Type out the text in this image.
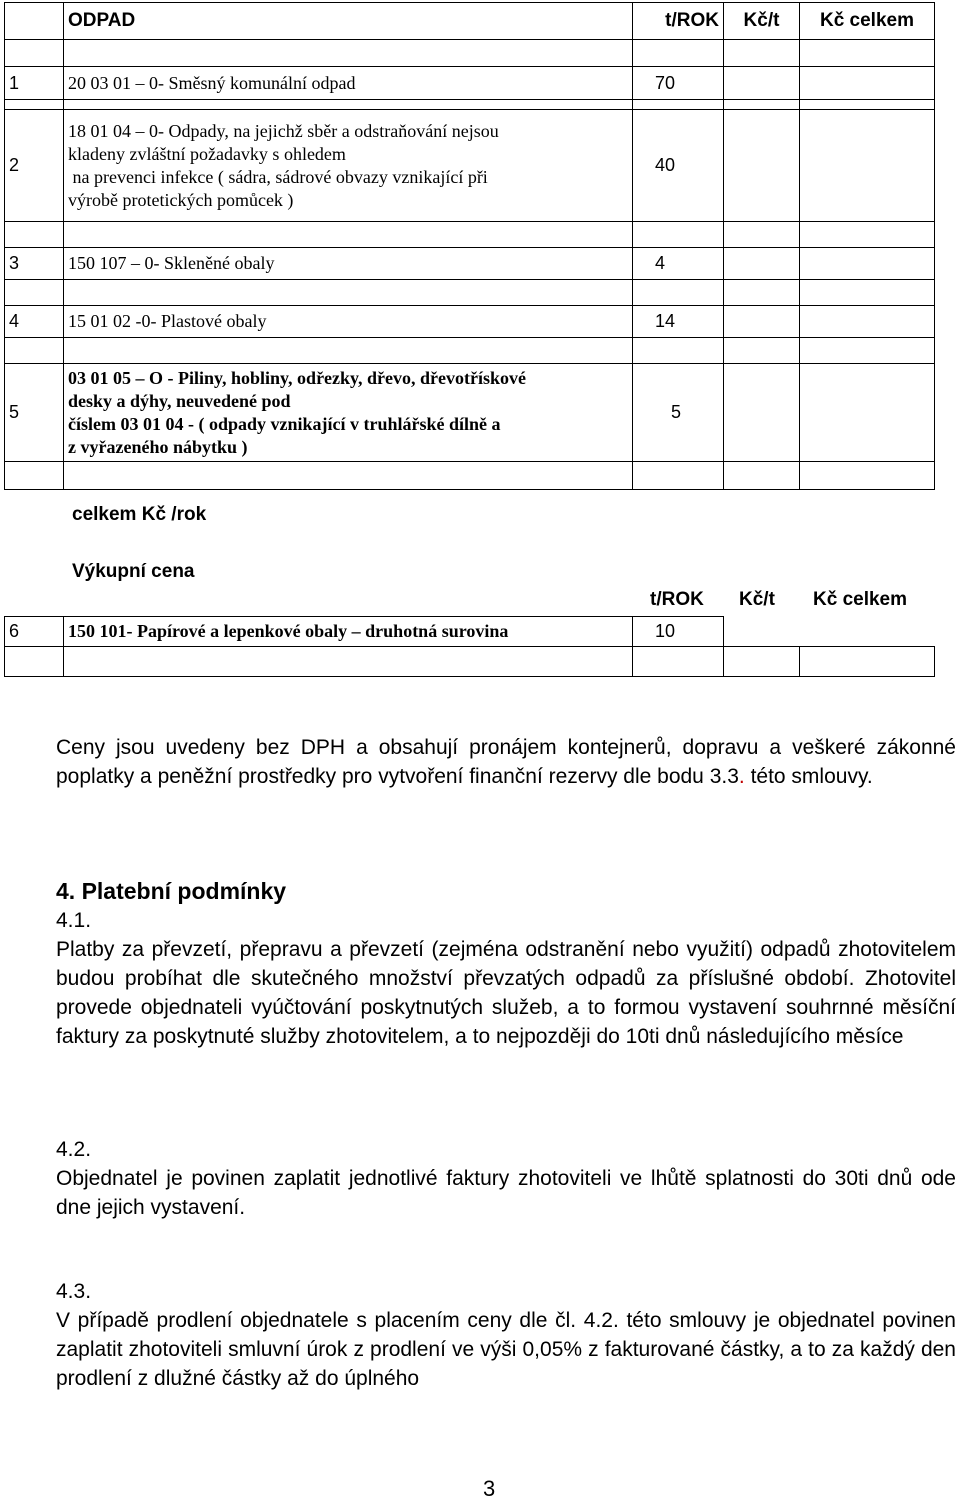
	ODPAD	t/ROK	Kč/t	Kč celkem

1	20 03 01 – 0- Směsný komunální odpad	70		

2	18 01 04 – 0- Odpady, na jejichž sběr a odstraňování nejsou
kladeny zvláštní požadavky s ohledem
na prevenci infekce ( sádra, sádrové obvazy vznikající při
výrobě protetických pomůcek )	40		

3	150 107 – 0- Skleněné obaly	4		

4	15 01 02 -0- Plastové obaly	14		

5	03 01 05 – O - Piliny, hobliny, odřezky, dřevo, dřevotřískové
desky a dýhy, neuvedené pod
číslem 03 01 04 - ( odpady vznikající v truhlářské dílně a
z vyřazeného nábytku )	5		

celkem Kč /rok
Výkupní cena
t/ROK Kč/t Kč celkem
6	150 101- Papírové a lepenkové obaly – druhotná surovina	10		

Ceny jsou uvedeny bez DPH a obsahují pronájem kontejnerů, dopravu a veškeré zákonné poplatky a peněžní prostředky pro vytvoření finanční rezervy dle bodu 3.3. této smlouvy.
4. Platební podmínky
4.1.
Platby za převzetí, přepravu a převzetí (zejména odstranění nebo využití) odpadů zhotovitelem budou probíhat dle skutečného množství převzatých odpadů za příslušné období. Zhotovitel provede objednateli vyúčtování poskytnutých služeb, a to formou vystavení souhrnné měsíční faktury za poskytnuté služby zhotovitelem, a to nejpozději do 10ti dnů následujícího měsíce
4.2.
Objednatel je povinen zaplatit jednotlivé faktury zhotoviteli ve lhůtě splatnosti do 30ti dnů ode dne jejich vystavení.
4.3.
V případě prodlení objednatele s placením ceny dle čl. 4.2. této smlouvy je objednatel povinen zaplatit zhotoviteli smluvní úrok z prodlení ve výši 0,05% z fakturované částky, a to za každý den prodlení z dlužné částky až do úplného
3
